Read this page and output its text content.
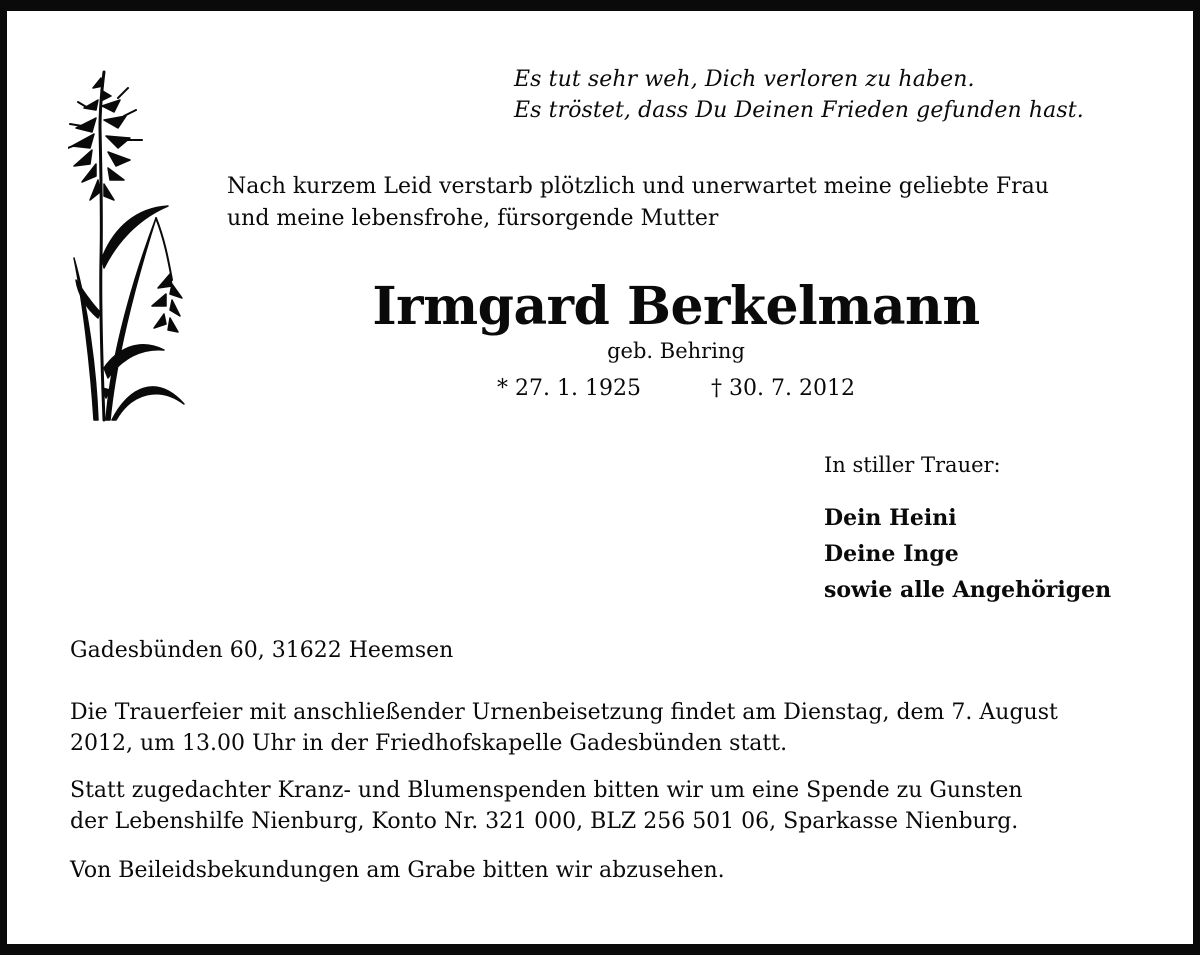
Es tut sehr weh, Dich verloren zu haben.
Es tröstet, dass Du Deinen Frieden gefunden hast.
Nach kurzem Leid verstarb plötzlich und unerwartet meine geliebte Frau
und meine lebensfrohe, fürsorgende Mutter
Irmgard Berkelmann
geb. Behring
* 27. 1. 1925	† 30. 7. 2012
In stiller Trauer:
Dein Heini
Deine Inge
sowie alle Angehörigen
Gadesbünden 60, 31622 Heemsen
Die Trauerfeier mit anschließender Urnenbeisetzung findet am Dienstag, dem 7. August
2012, um 13.00 Uhr in der Friedhofskapelle Gadesbünden statt.
Statt zugedachter Kranz- und Blumenspenden bitten wir um eine Spende zu Gunsten
der Lebenshilfe Nienburg, Konto Nr. 321 000, BLZ 256 501 06, Sparkasse Nienburg.
Von Beileidsbekundungen am Grabe bitten wir abzusehen.
